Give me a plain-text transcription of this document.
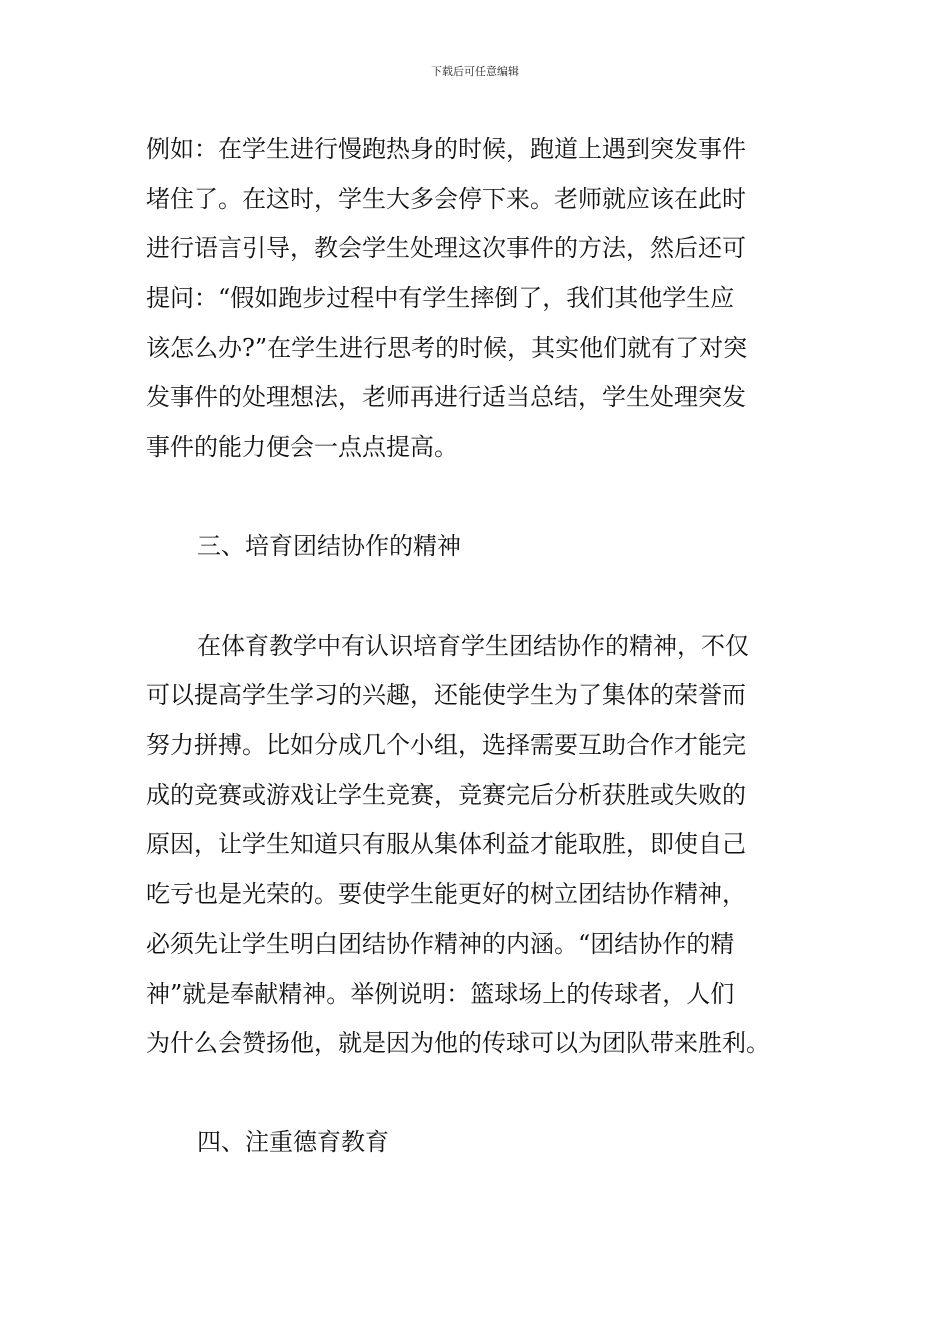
下载后可任意编辑
例如：在学生进行慢跑热身的时候，跑道上遇到突发事件
堵住了。在这时，学生大多会停下来。老师就应该在此时
进行语言引导，教会学生处理这次事件的方法，然后还可
提问：“假如跑步过程中有学生摔倒了，我们其他学生应
该怎么办?”在学生进行思考的时候，其实他们就有了对突
发事件的处理想法，老师再进行适当总结，学生处理突发
事件的能力便会一点点提高。
三、培育团结协作的精神
在体育教学中有认识培育学生团结协作的精神，不仅
可以提高学生学习的兴趣，还能使学生为了集体的荣誉而
努力拼搏。比如分成几个小组，选择需要互助合作才能完
成的竞赛或游戏让学生竞赛，竞赛完后分析获胜或失败的
原因，让学生知道只有服从集体利益才能取胜，即使自己
吃亏也是光荣的。要使学生能更好的树立团结协作精神，
必须先让学生明白团结协作精神的内涵。“团结协作的精
神”就是奉献精神。举例说明：篮球场上的传球者，人们
为什么会赞扬他，就是因为他的传球可以为团队带来胜利。
四、注重德育教育
